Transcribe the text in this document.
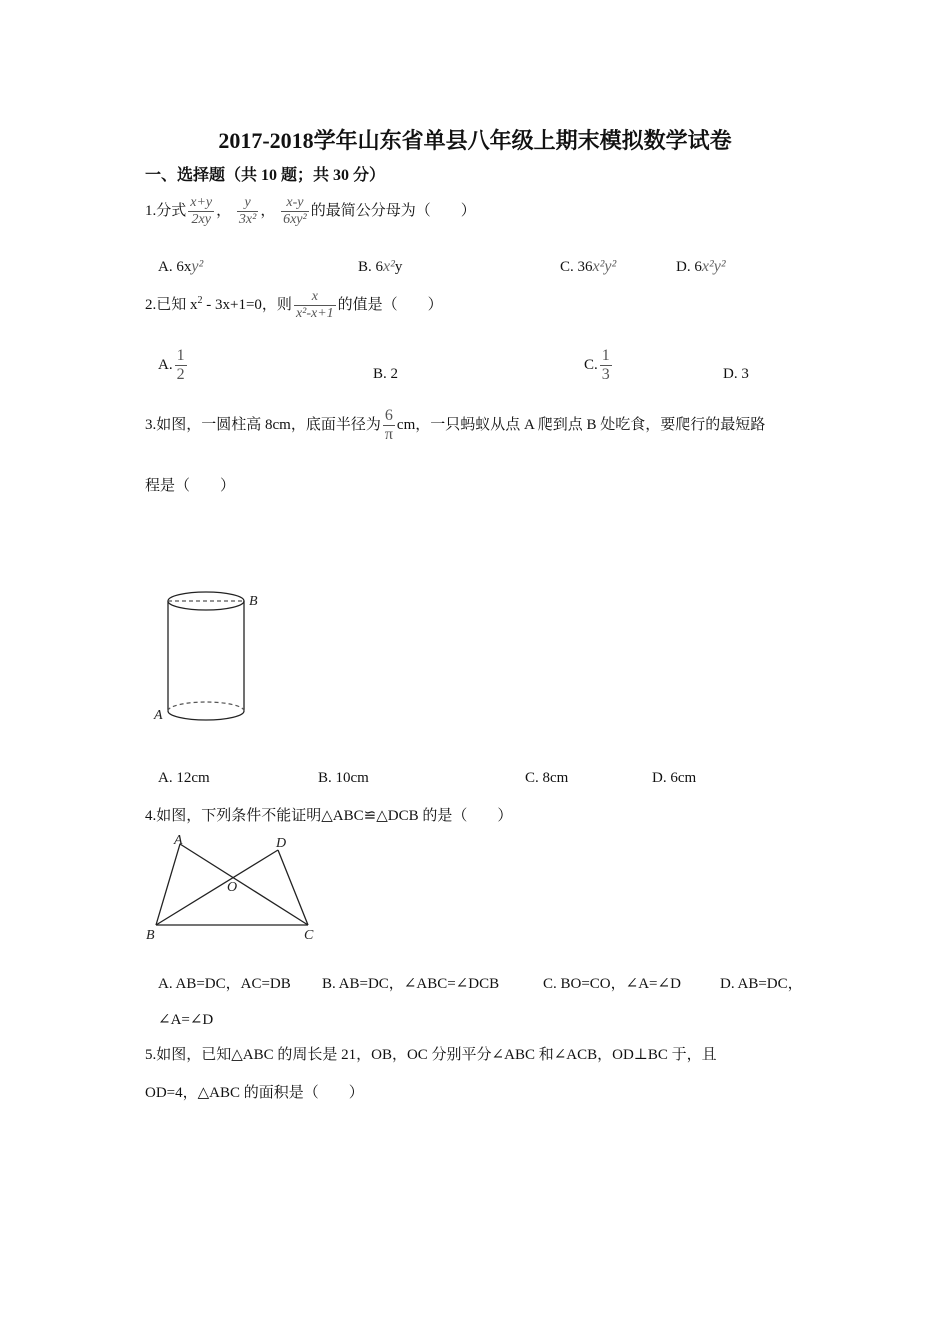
2017-2018学年山东省单县八年级上期末模拟数学试卷
一、选择题（共 10 题；共 30 分）
1.分式 $\frac{x+y}{2xy}$ ， $\frac{y}{\text{3x²}}$ ， $\frac{x-y}{\text{6xy²}}$ 的最简公分母为（　　）
A. 6xy²	B. 6x²y	C. 36x²y²	D. 6x²y²
2.已知 $x^2 - 3x+1=0$，则 $\frac{x}{\text{x²-x+1}}$ 的值是（　　）
A. $\frac{1}{2}$	B. 2
C. $\frac{1}{3}$	D. 3
3.如图，一圆柱高 8cm，底面半径为 $\frac{6}{\pi}$ cm，一只蚂蚁从点 A 爬到点 B 处吃食，要爬行的最短路
程是（　　）
B
A
A. 12cm	B. 10cm	C. 8cm	D. 6cm
4.如图，下列条件不能证明△ABC≌△DCB 的是（　　）
A	D
O
B	C
A. AB=DC，AC=DB B. AB=DC，∠ABC=∠DCB	C. BO=CO，∠A=∠D	D. AB=DC，
∠A=∠D
5.如图，已知△ABC 的周长是 21，OB，OC 分别平分∠ABC 和∠ACB，OD⊥BC 于，且
OD=4，△ABC 的面积是（　　）
